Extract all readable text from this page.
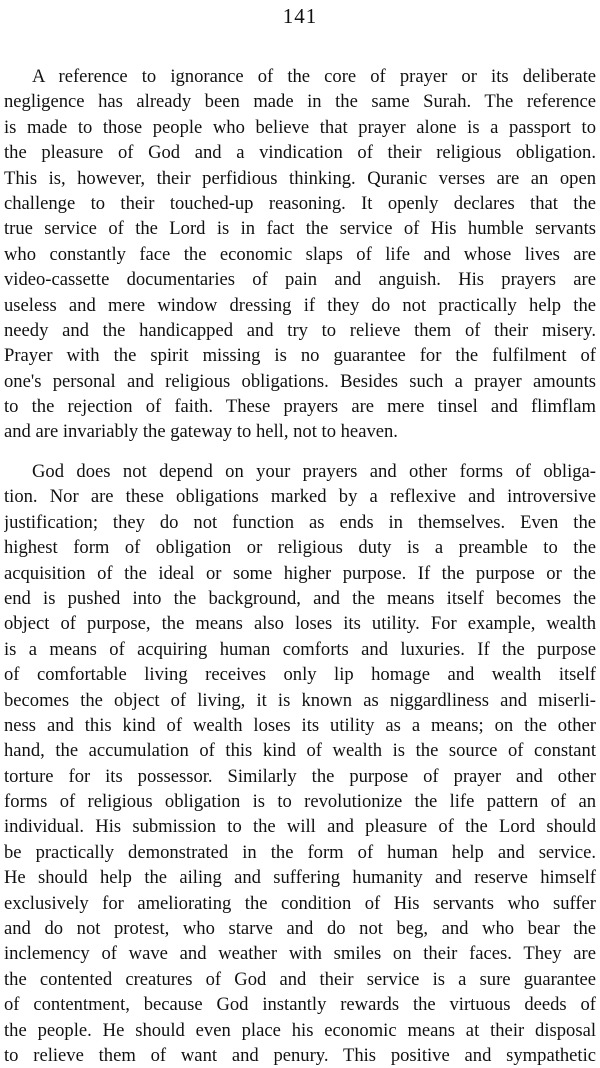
141
A reference to ignorance of the core of prayer or its deliberate
negligence has already been made in the same Surah. The reference
is made to those people who believe that prayer alone is a passport to
the pleasure of God and a vindication of their religious obligation.
This is, however, their perfidious thinking. Quranic verses are an open
challenge to their touched-up reasoning. It openly declares that the
true service of the Lord is in fact the service of His humble servants
who constantly face the economic slaps of life and whose lives are
video-cassette documentaries of pain and anguish. His prayers are
useless and mere window dressing if they do not practically help the
needy and the handicapped and try to relieve them of their misery.
Prayer with the spirit missing is no guarantee for the fulfilment of
one's personal and religious obligations. Besides such a prayer amounts
to the rejection of faith. These prayers are mere tinsel and flimflam
and are invariably the gateway to hell, not to heaven.
God does not depend on your prayers and other forms of obliga-
tion. Nor are these obligations marked by a reflexive and introversive
justification; they do not function as ends in themselves. Even the
highest form of obligation or religious duty is a preamble to the
acquisition of the ideal or some higher purpose. If the purpose or the
end is pushed into the background, and the means itself becomes the
object of purpose, the means also loses its utility. For example, wealth
is a means of acquiring human comforts and luxuries. If the purpose
of comfortable living receives only lip homage and wealth itself
becomes the object of living, it is known as niggardliness and miserli-
ness and this kind of wealth loses its utility as a means; on the other
hand, the accumulation of this kind of wealth is the source of constant
torture for its possessor. Similarly the purpose of prayer and other
forms of religious obligation is to revolutionize the life pattern of an
individual. His submission to the will and pleasure of the Lord should
be practically demonstrated in the form of human help and service.
He should help the ailing and suffering humanity and reserve himself
exclusively for ameliorating the condition of His servants who suffer
and do not protest, who starve and do not beg, and who bear the
inclemency of wave and weather with smiles on their faces. They are
the contented creatures of God and their service is a sure guarantee
of contentment, because God instantly rewards the virtuous deeds of
the people. He should even place his economic means at their disposal
to relieve them of want and penury. This positive and sympathetic
